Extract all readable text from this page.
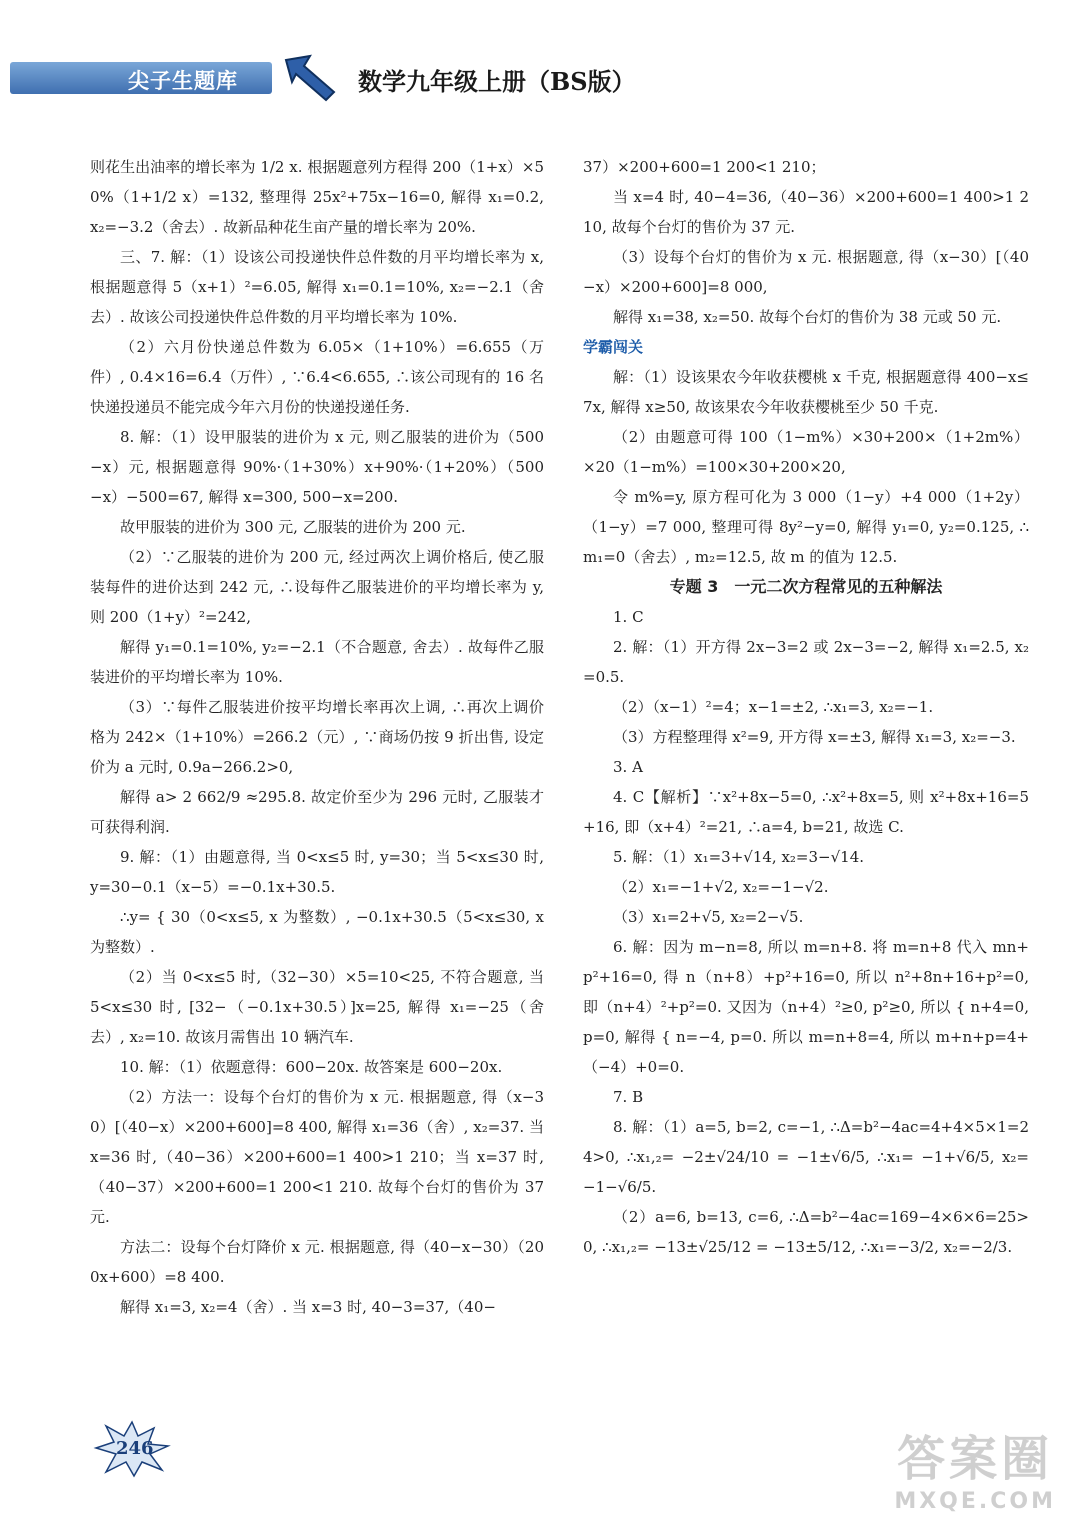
尖子生题库	数学九年级上册（BS版）

则花生出油率的增长率为 1/2 x. 根据题意列方程得 200（1+x）×50%（1+1/2 x）=132, 整理得 25x²+75x−16=0, 解得 x₁=0.2, x₂=−3.2（舍去）. 故新品种花生亩产量的增长率为 20%.

三、7. 解：（1）设该公司投递快件总件数的月平均增长率为 x, 根据题意得 5（x+1）²=6.05, 解得 x₁=0.1=10%, x₂=−2.1（舍去）. 故该公司投递快件总件数的月平均增长率为 10%.

（2）六月份快递总件数为 6.05×（1+10%）=6.655（万件）, 0.4×16=6.4（万件）, ∵6.4<6.655, ∴该公司现有的 16 名快递投递员不能完成今年六月份的快递投递任务.

8. 解：（1）设甲服装的进价为 x 元, 则乙服装的进价为（500−x）元, 根据题意得 90%·（1+30%）x+90%·（1+20%）（500−x）−500=67, 解得 x=300, 500−x=200.

故甲服装的进价为 300 元, 乙服装的进价为 200 元.

（2）∵乙服装的进价为 200 元, 经过两次上调价格后, 使乙服装每件的进价达到 242 元, ∴设每件乙服装进价的平均增长率为 y, 则 200（1+y）²=242,

解得 y₁=0.1=10%, y₂=−2.1（不合题意, 舍去）. 故每件乙服装进价的平均增长率为 10%.

（3）∵每件乙服装进价按平均增长率再次上调, ∴再次上调价格为 242×（1+10%）=266.2（元）, ∵商场仍按 9 折出售, 设定价为 a 元时, 0.9a−266.2>0,

解得 a> 2 662/9 ≈295.8. 故定价至少为 296 元时, 乙服装才可获得利润.

9. 解：（1）由题意得, 当 0<x≤5 时, y=30；当 5<x≤30 时, y=30−0.1（x−5）=−0.1x+30.5.

∴y= { 30（0<x≤5, x 为整数）, −0.1x+30.5（5<x≤30, x 为整数）.

（2）当 0<x≤5 时,（32−30）×5=10<25, 不符合题意, 当 5<x≤30 时, [32−（−0.1x+30.5）]x=25, 解得 x₁=−25（舍去）, x₂=10. 故该月需售出 10 辆汽车.

10. 解：（1）依题意得：600−20x. 故答案是 600−20x.

（2）方法一：设每个台灯的售价为 x 元. 根据题意, 得（x−30）[（40−x）×200+600]=8 400, 解得 x₁=36（舍）, x₂=37. 当 x=36 时,（40−36）×200+600=1 400>1 210；当 x=37 时,（40−37）×200+600=1 200<1 210. 故每个台灯的售价为 37 元.

方法二：设每个台灯降价 x 元. 根据题意, 得（40−x−30）（200x+600）=8 400.

解得 x₁=3, x₂=4（舍）. 当 x=3 时, 40−3=37,（40−

37）×200+600=1 200<1 210；

当 x=4 时, 40−4=36,（40−36）×200+600=1 400>1 210, 故每个台灯的售价为 37 元.

（3）设每个台灯的售价为 x 元. 根据题意, 得（x−30）[（40−x）×200+600]=8 000,

解得 x₁=38, x₂=50. 故每个台灯的售价为 38 元或 50 元.

学霸闯关

解：（1）设该果农今年收获樱桃 x 千克, 根据题意得 400−x≤7x, 解得 x≥50, 故该果农今年收获樱桃至少 50 千克.

（2）由题意可得 100（1−m%）×30+200×（1+2m%）×20（1−m%）=100×30+200×20,

令 m%=y, 原方程可化为 3 000（1−y）+4 000（1+2y）（1−y）=7 000, 整理可得 8y²−y=0, 解得 y₁=0, y₂=0.125, ∴m₁=0（舍去）, m₂=12.5, 故 m 的值为 12.5.

专题 3　一元二次方程常见的五种解法

1. C

2. 解：（1）开方得 2x−3=2 或 2x−3=−2, 解得 x₁=2.5, x₂=0.5.

（2）（x−1）²=4；x−1=±2, ∴x₁=3, x₂=−1.

（3）方程整理得 x²=9, 开方得 x=±3, 解得 x₁=3, x₂=−3.

3. A

4. C【解析】∵x²+8x−5=0, ∴x²+8x=5, 则 x²+8x+16=5+16, 即（x+4）²=21, ∴a=4, b=21, 故选 C.

5. 解：（1）x₁=3+√14, x₂=3−√14.

（2）x₁=−1+√2, x₂=−1−√2.

（3）x₁=2+√5, x₂=2−√5.

6. 解：因为 m−n=8, 所以 m=n+8. 将 m=n+8 代入 mn+p²+16=0, 得 n（n+8）+p²+16=0, 所以 n²+8n+16+p²=0, 即（n+4）²+p²=0. 又因为（n+4）²≥0, p²≥0, 所以 { n+4=0, p=0, 解得 { n=−4, p=0. 所以 m=n+8=4, 所以 m+n+p=4+（−4）+0=0.

7. B

8. 解：（1）a=5, b=2, c=−1, ∴Δ=b²−4ac=4+4×5×1=24>0, ∴x₁,₂= −2±√24/10 = −1±√6/5, ∴x₁= −1+√6/5, x₂= −1−√6/5.

（2）a=6, b=13, c=6, ∴Δ=b²−4ac=169−4×6×6=25>0, ∴x₁,₂= −13±√25/12 = −13±5/12, ∴x₁=−3/2, x₂=−2/3.

246	答案圈
MXQE.COM
